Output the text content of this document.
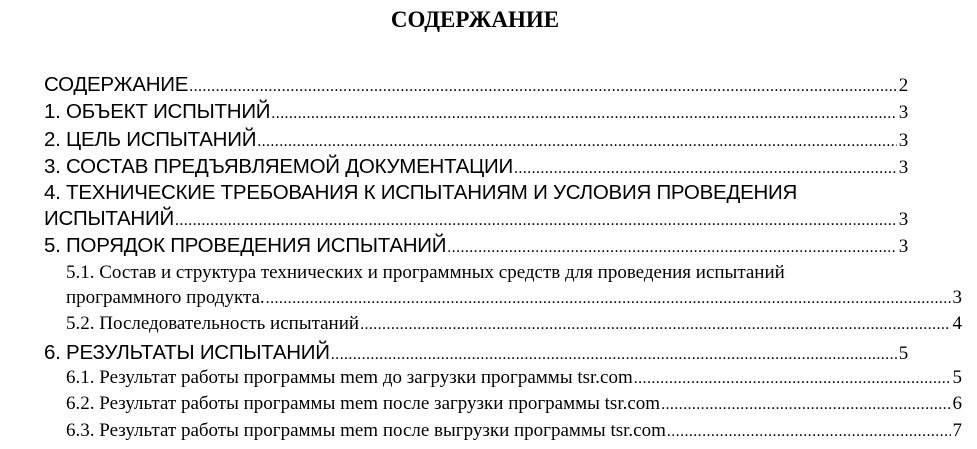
СОДЕРЖАНИЕ
СОДЕРЖАНИЕ .....	2
1. ОБЪЕКТ ИСПЫТНИЙ .....	3
2. ЦЕЛЬ ИСПЫТАНИЙ .....	3
3. СОСТАВ ПРЕДЪЯВЛЯЕМОЙ ДОКУМЕНТАЦИИ .....	3
4. ТЕХНИЧЕСКИЕ ТРЕБОВАНИЯ К ИСПЫТАНИЯМ И УСЛОВИЯ ПРОВЕДЕНИЯ
ИСПЫТАНИЙ .....	3
5. ПОРЯДОК ПРОВЕДЕНИЯ ИСПЫТАНИЙ .....	3
5.1. Состав и структура технических и программных средств для проведения испытаний
программного продукта. .....	3
5.2. Последовательность испытаний .....	4
6. РЕЗУЛЬТАТЫ ИСПЫТАНИЙ .....	5
6.1. Результат работы программы mem до загрузки программы tsr.com .....	5
6.2. Результат работы программы mem после загрузки программы tsr.com .....	6
6.3. Результат работы программы mem после выгрузки программы tsr.com .....	7
